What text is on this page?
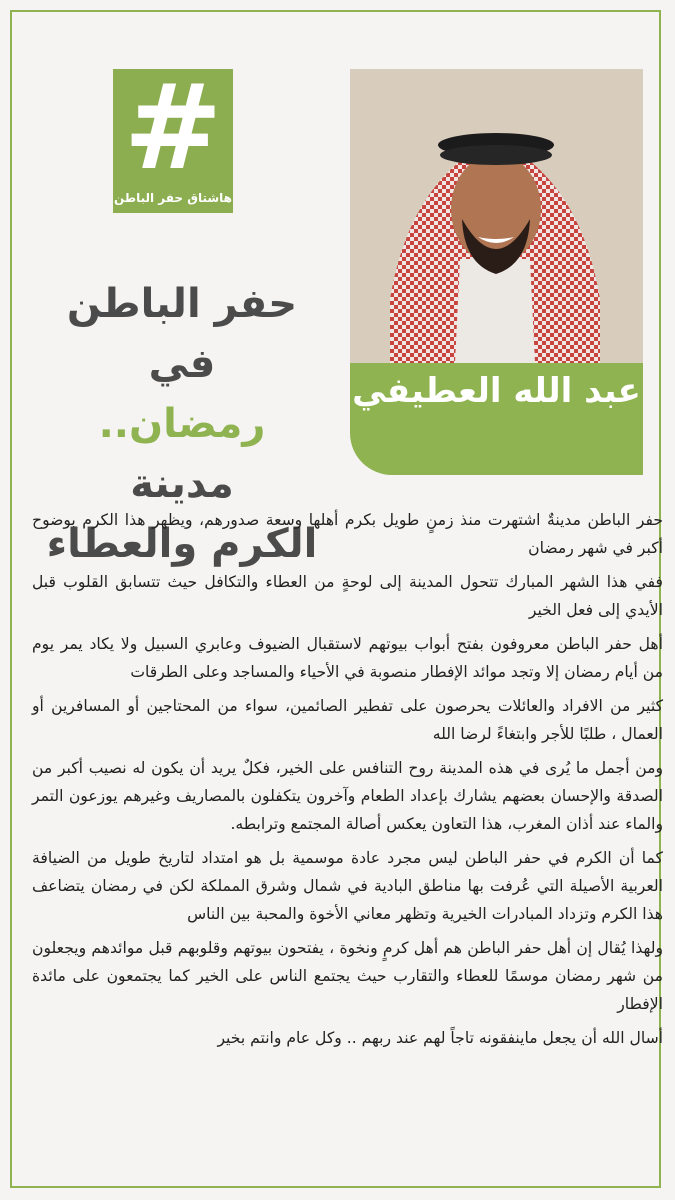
#
هاشتاق حفر الباطن
عبد الله العطيفي
حفر الباطن في
رمضان.. مدينة
الكرم والعطاء

حفر الباطن مدينةٌ اشتهرت منذ زمنٍ طويل بكرم أهلها وسعة صدورهم، ويظهر هذا الكرم بوضوح أكبر في شهر رمضان

ففي هذا الشهر المبارك تتحول المدينة إلى لوحةٍ من العطاء والتكافل حيث تتسابق القلوب قبل الأيدي إلى فعل الخير

أهل حفر الباطن معروفون بفتح أبواب بيوتهم لاستقبال الضيوف وعابري السبيل ولا يكاد يمر يوم من أيام رمضان إلا وتجد موائد الإفطار منصوبة في الأحياء والمساجد وعلى الطرقات

كثير من الافراد والعائلات يحرصون على تفطير الصائمين، سواء من المحتاجين أو المسافرين أو العمال ، طلبًا للأجر وابتغاءً لرضا الله

ومن أجمل ما يُرى في هذه المدينة روح التنافس على الخير، فكلٌ يريد أن يكون له نصيب أكبر من الصدقة والإحسان بعضهم يشارك بإعداد الطعام وآخرون يتكفلون بالمصاريف وغيرهم يوزعون التمر والماء عند أذان المغرب، هذا التعاون يعكس أصالة المجتمع وترابطه.

كما أن الكرم في حفر الباطن ليس مجرد عادة موسمية بل هو امتداد لتاريخ طويل من الضيافة العربية الأصيلة التي عُرفت بها مناطق البادية في شمال وشرق المملكة لكن في رمضان يتضاعف هذا الكرم وتزداد المبادرات الخيرية وتظهر معاني الأخوة والمحبة بين الناس

ولهذا يُقال إن أهل حفر الباطن هم أهل كرمٍ ونخوة ، يفتحون بيوتهم وقلوبهم قبل موائدهم ويجعلون من شهر رمضان موسمًا للعطاء والتقارب حيث يجتمع الناس على الخير كما يجتمعون على مائدة الإفطار

أسال الله أن يجعل ماينفقونه تاجاً لهم عند ربهم .. وكل عام وانتم بخير
